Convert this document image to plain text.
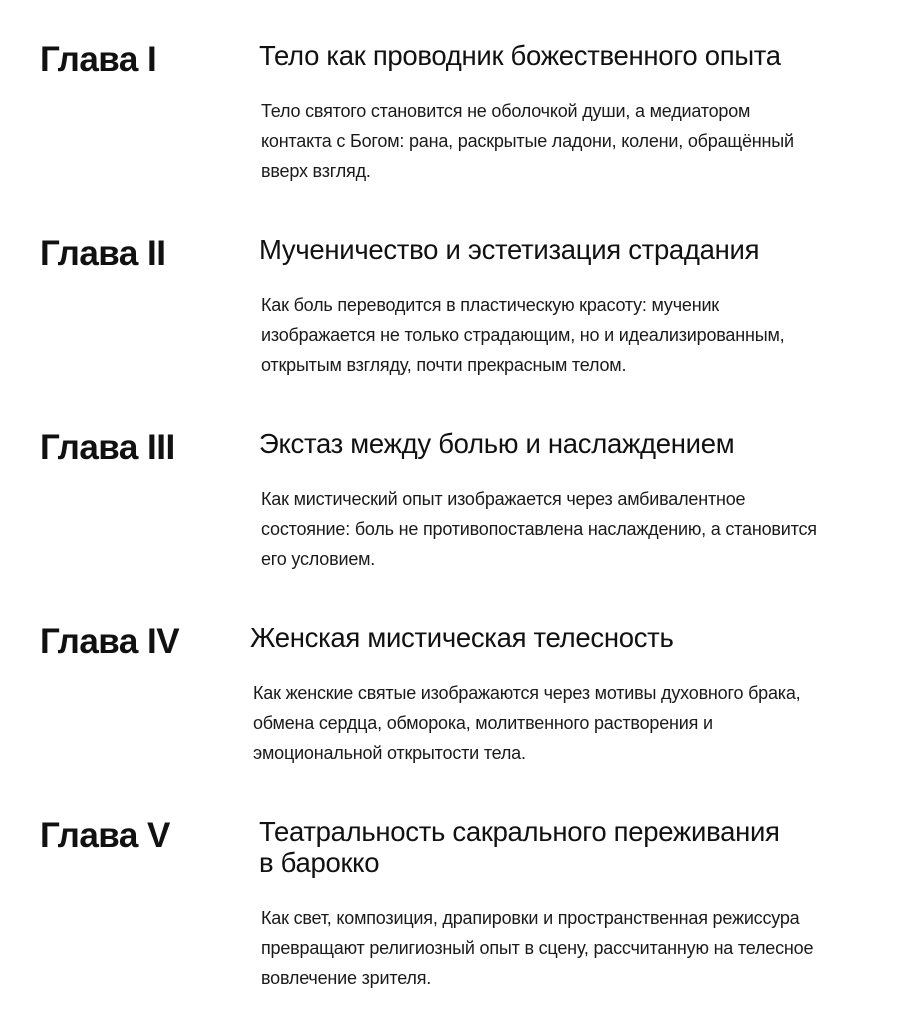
Глава I	Тело как проводник божественного опыта

Тело святого становится не оболочкой души, а медиатором
контакта с Богом: рана, раскрытые ладони, колени, обращённый
вверх взгляд.

Глава II	Мученичество и эстетизация страдания

Как боль переводится в пластическую красоту: мученик
изображается не только страдающим, но и идеализированным,
открытым взгляду, почти прекрасным телом.

Глава III	Экстаз между болью и наслаждением

Как мистический опыт изображается через амбивалентное
состояние: боль не противопоставлена наслаждению, а становится
его условием.

Глава IV	Женская мистическая телесность

Как женские святые изображаются через мотивы духовного брака,
обмена сердца, обморока, молитвенного растворения и
эмоциональной открытости тела.

Глава V	Театральность сакрального переживания
в барокко

Как свет, композиция, драпировки и пространственная режиссура
превращают религиозный опыт в сцену, рассчитанную на телесное
вовлечение зрителя.
